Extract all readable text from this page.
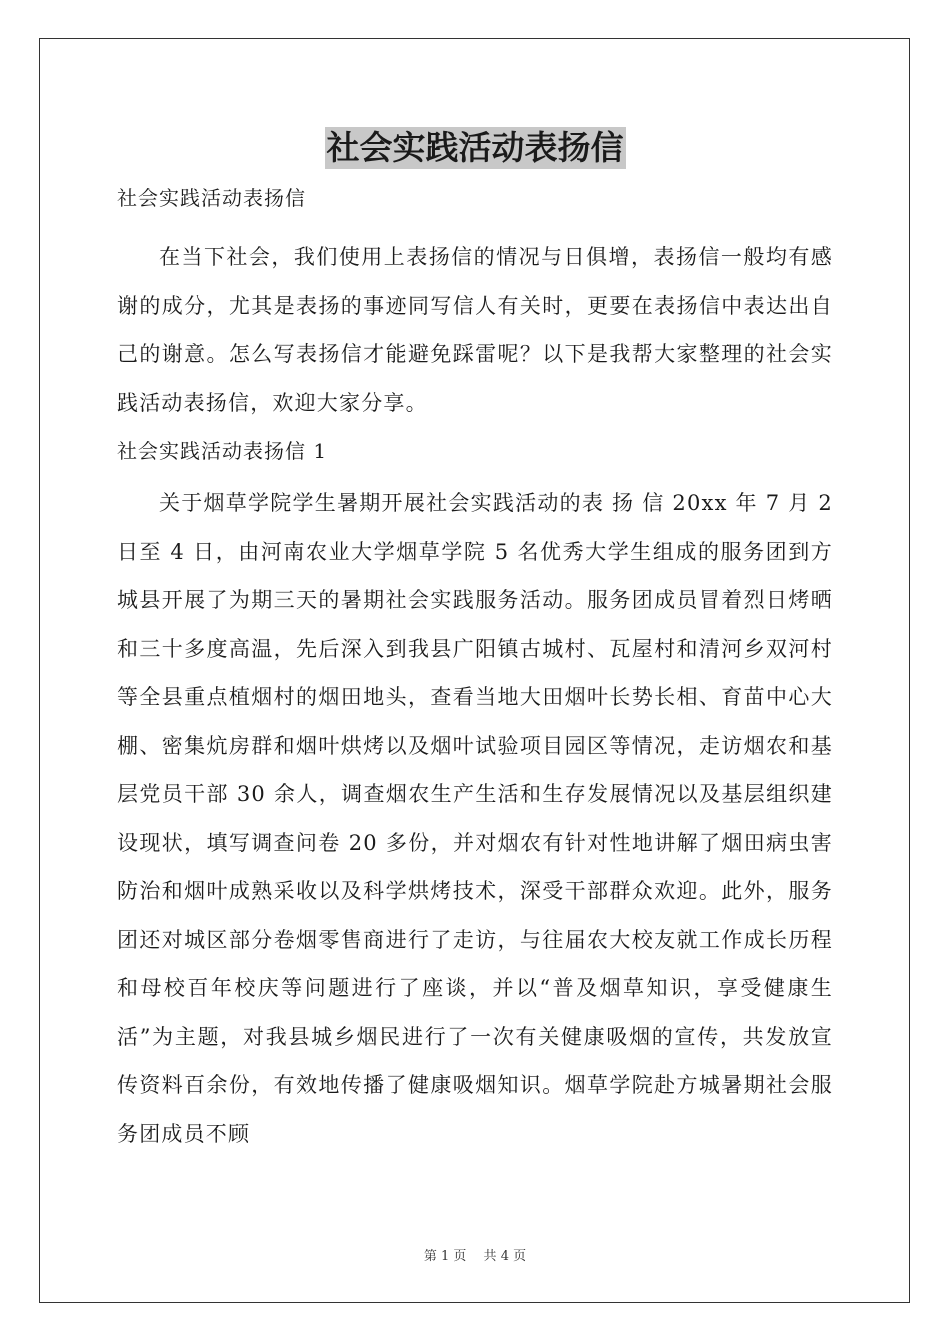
社会实践活动表扬信

社会实践活动表扬信

在当下社会，我们使用上表扬信的情况与日俱增，表扬信一般均有感谢的成分，尤其是表扬的事迹同写信人有关时，更要在表扬信中表达出自己的谢意。怎么写表扬信才能避免踩雷呢？以下是我帮大家整理的社会实践活动表扬信，欢迎大家分享。

社会实践活动表扬信 1

关于烟草学院学生暑期开展社会实践活动的表 扬 信 20xx 年 7 月 2 日至 4 日，由河南农业大学烟草学院 5 名优秀大学生组成的服务团到方城县开展了为期三天的暑期社会实践服务活动。服务团成员冒着烈日烤晒和三十多度高温，先后深入到我县广阳镇古城村、瓦屋村和清河乡双河村等全县重点植烟村的烟田地头，查看当地大田烟叶长势长相、育苗中心大棚、密集炕房群和烟叶烘烤以及烟叶试验项目园区等情况，走访烟农和基层党员干部 30 余人，调查烟农生产生活和生存发展情况以及基层组织建设现状，填写调查问卷 20 多份，并对烟农有针对性地讲解了烟田病虫害防治和烟叶成熟采收以及科学烘烤技术，深受干部群众欢迎。此外，服务团还对城区部分卷烟零售商进行了走访，与往届农大校友就工作成长历程和母校百年校庆等问题进行了座谈，并以“普及烟草知识，享受健康生活”为主题，对我县城乡烟民进行了一次有关健康吸烟的宣传，共发放宣传资料百余份，有效地传播了健康吸烟知识。烟草学院赴方城暑期社会服务团成员不顾

第 1 页　 共 4 页
